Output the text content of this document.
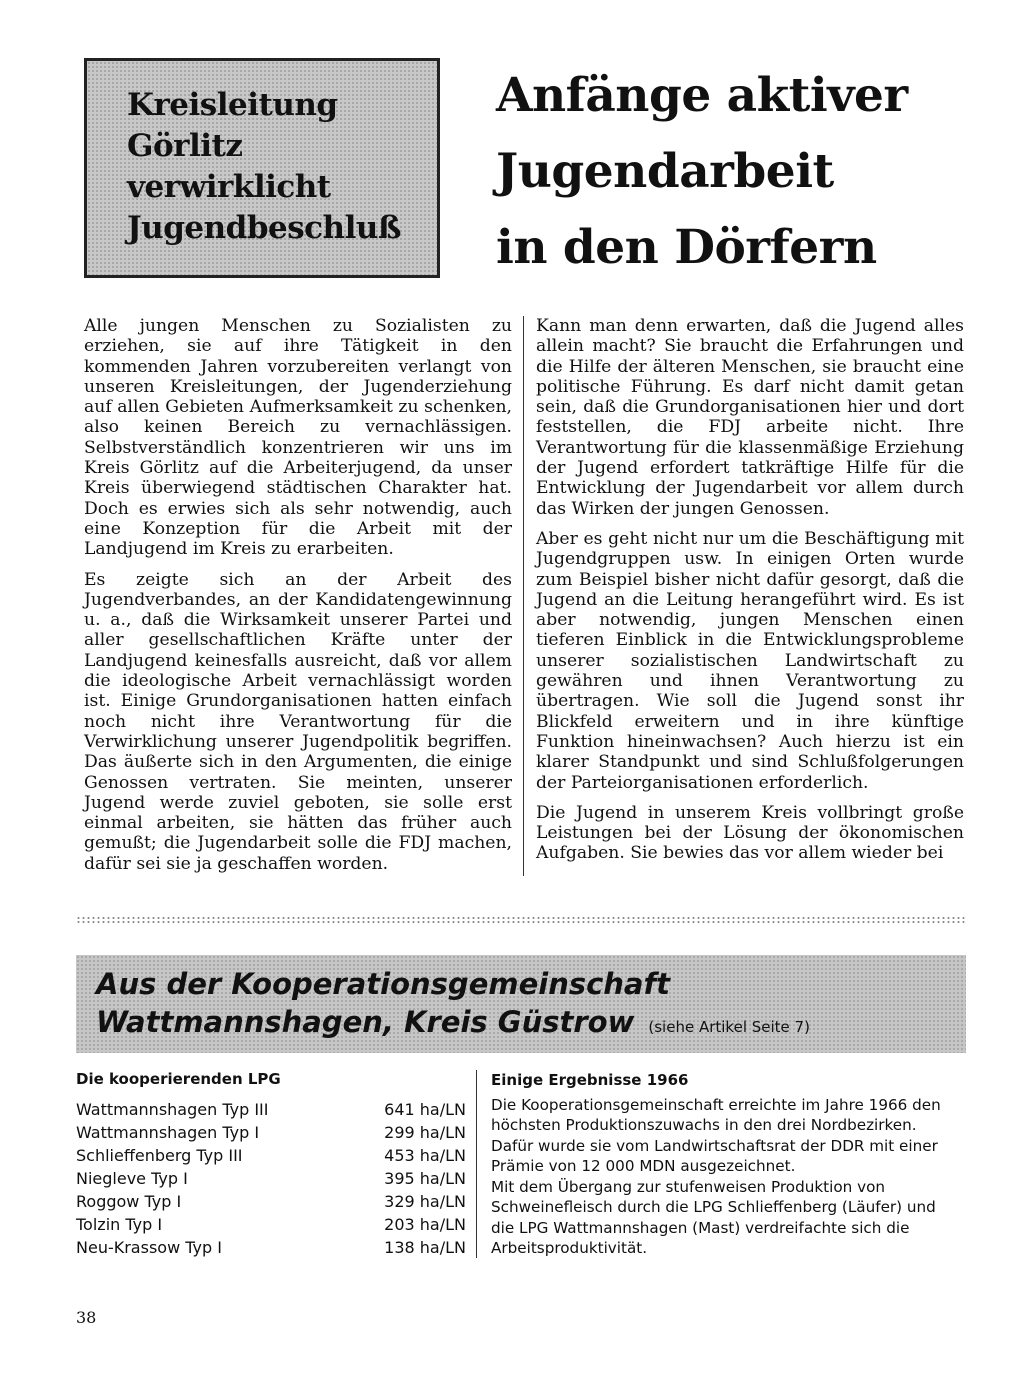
Kreisleitung
Görlitz
verwirklicht
Jugendbeschluß
Anfänge aktiver
Jugendarbeit
in den Dörfern

Alle jungen Menschen zu Sozialisten zu erziehen, sie auf ihre Tätigkeit in den kommenden Jahren vorzubereiten verlangt von unseren Kreisleitungen, der Jugenderziehung auf allen Gebieten Aufmerksamkeit zu schenken, also keinen Bereich zu vernachlässigen. Selbstverständlich konzentrieren wir uns im Kreis Görlitz auf die Arbeiterjugend, da unser Kreis überwiegend städtischen Charakter hat. Doch es erwies sich als sehr notwendig, auch eine Konzeption für die Arbeit mit der Landjugend im Kreis zu erarbeiten.

Es zeigte sich an der Arbeit des Jugendverbandes, an der Kandidatengewinnung u. a., daß die Wirksamkeit unserer Partei und aller gesellschaftlichen Kräfte unter der Landjugend keinesfalls ausreicht, daß vor allem die ideologische Arbeit vernachlässigt worden ist. Einige Grundorganisationen hatten einfach noch nicht ihre Verantwortung für die Verwirklichung unserer Jugendpolitik begriffen. Das äußerte sich in den Argumenten, die einige Genossen vertraten. Sie meinten, unserer Jugend werde zuviel geboten, sie solle erst einmal arbeiten, sie hätten das früher auch gemußt; die Jugendarbeit solle die FDJ machen, dafür sei sie ja geschaffen worden.

Kann man denn erwarten, daß die Jugend alles allein macht? Sie braucht die Erfahrungen und die Hilfe der älteren Menschen, sie braucht eine politische Führung. Es darf nicht damit getan sein, daß die Grundorganisationen hier und dort feststellen, die FDJ arbeite nicht. Ihre Verantwortung für die klassenmäßige Erziehung der Jugend erfordert tatkräftige Hilfe für die Entwicklung der Jugendarbeit vor allem durch das Wirken der jungen Genossen.

Aber es geht nicht nur um die Beschäftigung mit Jugendgruppen usw. In einigen Orten wurde zum Beispiel bisher nicht dafür gesorgt, daß die Jugend an die Leitung herangeführt wird. Es ist aber notwendig, jungen Menschen einen tieferen Einblick in die Entwicklungsprobleme unserer sozialistischen Landwirtschaft zu gewähren und ihnen Verantwortung zu übertragen. Wie soll die Jugend sonst ihr Blickfeld erweitern und in ihre künftige Funktion hineinwachsen? Auch hierzu ist ein klarer Standpunkt und sind Schlußfolgerungen der Parteiorganisationen erforderlich.

Die Jugend in unserem Kreis vollbringt große Leistungen bei der Lösung der ökonomischen Aufgaben. Sie bewies das vor allem wieder bei

Aus der Kooperationsgemeinschaft
Wattmannshagen, Kreis Güstrow (siehe Artikel Seite 7)
Die kooperierenden LPG
Wattmannshagen Typ III	641 ha/LN
Wattmannshagen Typ I	299 ha/LN
Schlieffenberg Typ III	453 ha/LN
Niegleve Typ I	395 ha/LN
Roggow Typ I	329 ha/LN
Tolzin Typ I	203 ha/LN
Neu-Krassow Typ I	138 ha/LN
Einige Ergebnisse 1966

Die Kooperationsgemeinschaft erreichte im Jahre 1966 den höchsten Produktionszuwachs in den drei Nordbezirken. Dafür wurde sie vom Landwirtschaftsrat der DDR mit einer Prämie von 12 000 MDN ausgezeichnet.

Mit dem Übergang zur stufenweisen Produktion von Schweinefleisch durch die LPG Schlieffenberg (Läufer) und die LPG Wattmannshagen (Mast) verdreifachte sich die Arbeitsproduktivität.

38
